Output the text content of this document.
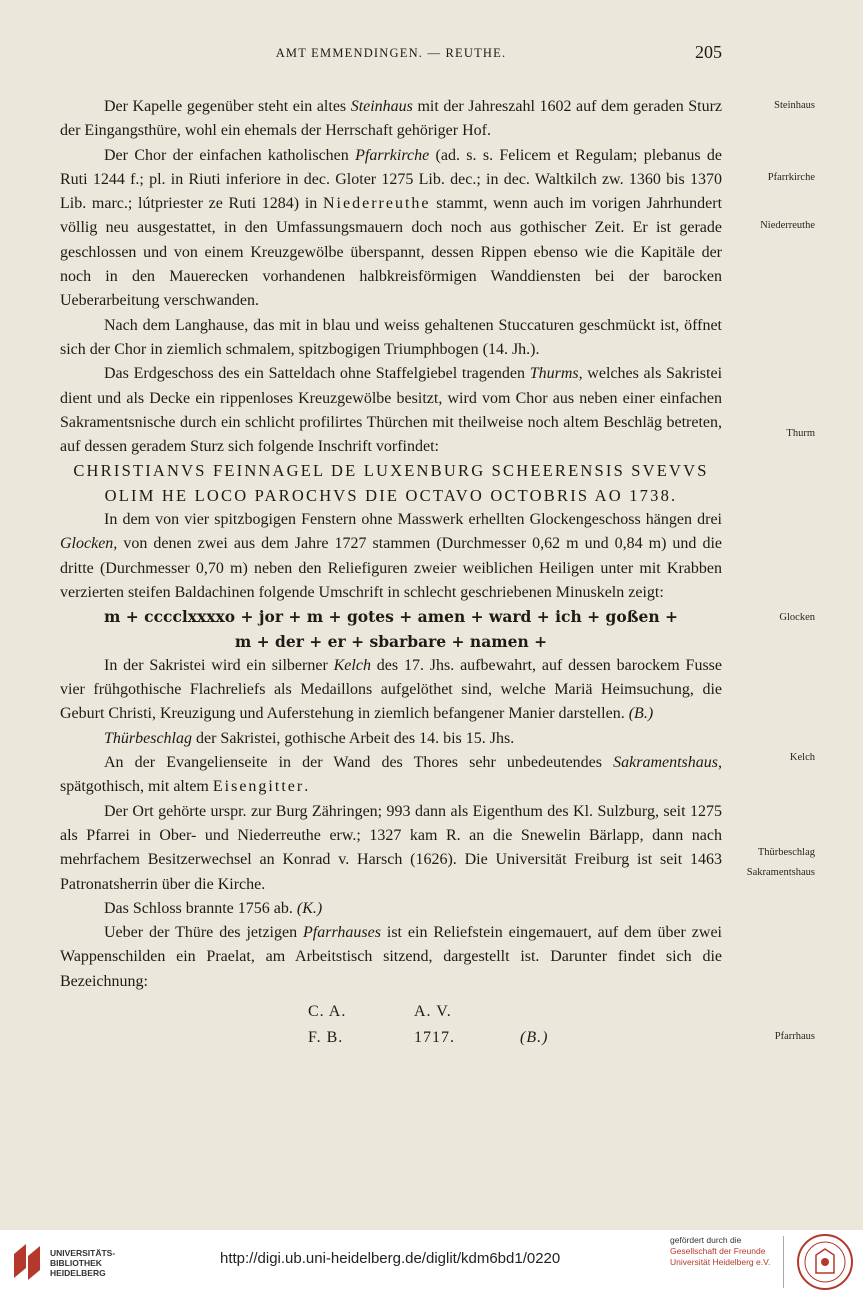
AMT EMMENDINGEN. — REUTHE.	205

Der Kapelle gegenüber steht ein altes Steinhaus mit der Jahreszahl 1602 auf dem geraden Sturz der Eingangsthüre, wohl ein ehemals der Herrschaft gehöriger Hof.

Der Chor der einfachen katholischen Pfarrkirche (ad. s. s. Felicem et Regulam; plebanus de Ruti 1244 f.; pl. in Riuti inferiore in dec. Gloter 1275 Lib. dec.; in dec. Waltkilch zw. 1360 bis 1370 Lib. marc.; lútpriester ze Ruti 1284) in Niederreuthe stammt, wenn auch im vorigen Jahrhundert völlig neu ausgestattet, in den Umfassungsmauern doch noch aus gothischer Zeit. Er ist gerade geschlossen und von einem Kreuzgewölbe überspannt, dessen Rippen ebenso wie die Kapitäle der noch in den Mauerecken vorhandenen halbkreisförmigen Wanddiensten bei der barocken Ueberarbeitung verschwanden.

Nach dem Langhause, das mit in blau und weiss gehaltenen Stuccaturen geschmückt ist, öffnet sich der Chor in ziemlich schmalem, spitzbogigen Triumphbogen (14. Jh.).

Das Erdgeschoss des ein Satteldach ohne Staffelgiebel tragenden Thurms, welches als Sakristei dient und als Decke ein rippenloses Kreuzgewölbe besitzt, wird vom Chor aus neben einer einfachen Sakramentsnische durch ein schlicht profilirtes Thürchen mit theilweise noch altem Beschläg betreten, auf dessen geradem Sturz sich folgende Inschrift vorfindet:

CHRISTIANVS FEINNAGEL DE LUXENBURG SCHEERENSIS SVEVVS
OLIM HE LOCO PAROCHVS DIE OCTAVO OCTOBRIS AO 1738.

In dem von vier spitzbogigen Fenstern ohne Masswerk erhellten Glockengeschoss hängen drei Glocken, von denen zwei aus dem Jahre 1727 stammen (Durchmesser 0,62 m und 0,84 m) und die dritte (Durchmesser 0,70 m) neben den Reliefiguren zweier weiblichen Heiligen unter mit Krabben verzierten steifen Baldachinen folgende Umschrift in schlecht geschriebenen Minuskeln zeigt:

m + cccclxxxxo + jor + m + gotes + amen + ward + ich + goßen +
m + der + er + sbarbare + namen +

In der Sakristei wird ein silberner Kelch des 17. Jhs. aufbewahrt, auf dessen barockem Fusse vier frühgothische Flachreliefs als Medaillons aufgelöthet sind, welche Mariä Heimsuchung, die Geburt Christi, Kreuzigung und Auferstehung in ziemlich befangener Manier darstellen. (B.)

Thürbeschlag der Sakristei, gothische Arbeit des 14. bis 15. Jhs.

An der Evangelienseite in der Wand des Thores sehr unbedeutendes Sakramentshaus, spätgothisch, mit altem Eisengitter.

Der Ort gehörte urspr. zur Burg Zähringen; 993 dann als Eigenthum des Kl. Sulzburg, seit 1275 als Pfarrei in Ober- und Niederreuthe erw.; 1327 kam R. an die Snewelin Bärlapp, dann nach mehrfachem Besitzerwechsel an Konrad v. Harsch (1626). Die Universität Freiburg ist seit 1463 Patronatsherrin über die Kirche.

Das Schloss brannte 1756 ab. (K.)

Ueber der Thüre des jetzigen Pfarrhauses ist ein Reliefstein eingemauert, auf dem über zwei Wappenschilden ein Praelat, am Arbeitstisch sitzend, dargestellt ist. Darunter findet sich die Bezeichnung:

C. A.	A. V.	
F. B.	1717.	(B.)
Steinhaus
Pfarrkirche
Niederreuthe
Thurm
Glocken
Kelch
Thürbeschlag
Sakramentshaus
Pfarrhaus
UNIVERSITÄTS-
BIBLIOTHEK
HEIDELBERG
http://digi.ub.uni-heidelberg.de/diglit/kdm6bd1/0220
gefördert durch die
Gesellschaft der Freunde
Universität Heidelberg e.V.
